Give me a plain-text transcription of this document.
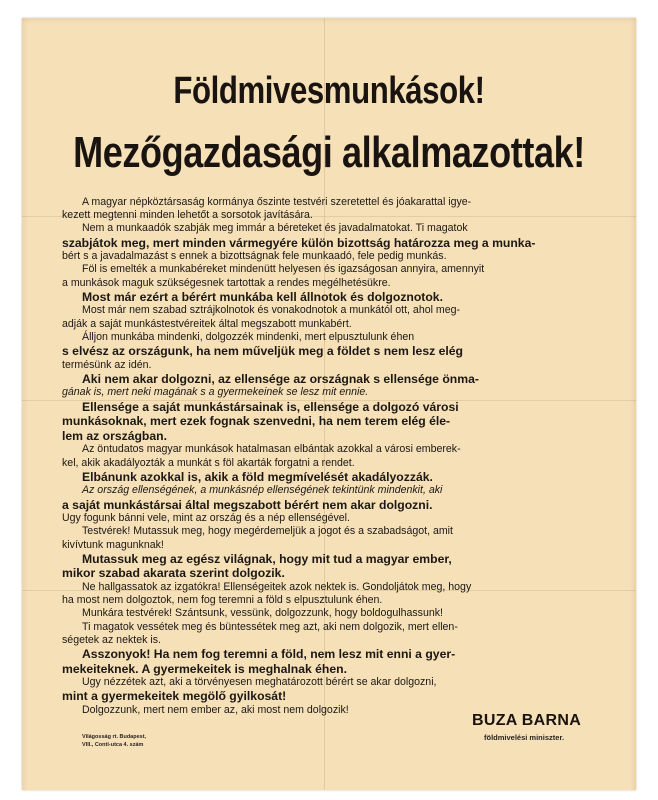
Földmivesmunkások!
Mezőgazdasági alkalmazottak!
A magyar népköztársaság kormánya őszinte testvéri szeretettel és jóakarattal igye-
kezett megtenni minden lehetőt a sorsotok javítására.
Nem a munkaadók szabják meg immár a béreteket és javadalmatokat. Ti magatok
szabjátok meg, mert minden vármegyére külön bizottság határozza meg a munka-
bért s a javadalmazást s ennek a bizottságnak fele munkaadó, fele pedig munkás.
Föl is emelték a munkabéreket mindenütt helyesen és igazságosan annyira, amennyit
a munkások maguk szükségesnek tartottak a rendes megélhetésükre.
Most már ezért a bérért munkába kell állnotok és dolgoznotok.
Most már nem szabad sztrájkolnotok és vonakodnotok a munkától ott, ahol meg-
adják a saját munkástestvéreitek által megszabott munkabért.
Álljon munkába mindenki, dolgozzék mindenki, mert elpusztulunk éhen
s elvész az országunk, ha nem műveljük meg a földet s nem lesz elég
termésünk az idén.
Aki nem akar dolgozni, az ellensége az országnak s ellensége önma-
gának is, mert neki magának s a gyermekeinek se lesz mit ennie.
Ellensége a saját munkástársainak is, ellensége a dolgozó városi
munkásoknak, mert ezek fognak szenvedni, ha nem terem elég éle-
lem az országban.
Az öntudatos magyar munkások hatalmasan elbántak azokkal a városi emberek-
kel, akik akadályozták a munkát s föl akarták forgatni a rendet.
Elbánunk azokkal is, akik a föld megmívelését akadályozzák.
Az ország ellenségének, a munkásnép ellenségének tekintünk mindenkit, aki
a saját munkástársai által megszabott bérért nem akar dolgozni.
Ugy fogunk bánni vele, mint az ország és a nép ellenségével.
Testvérek! Mutassuk meg, hogy megérdemeljük a jogot és a szabadságot, amit
kivívtunk magunknak!
Mutassuk meg az egész világnak, hogy mit tud a magyar ember,
mikor szabad akarata szerint dolgozik.
Ne hallgassatok az izgatókra! Ellenségeitek azok nektek is. Gondoljátok meg, hogy
ha most nem dolgoztok, nem fog teremni a föld s elpusztulunk éhen.
Munkára testvérek! Szántsunk, vessünk, dolgozzunk, hogy boldogulhassunk!
Ti magatok vessétek meg és büntessétek meg azt, aki nem dolgozik, mert ellen-
ségetek az nektek is.
Asszonyok! Ha nem fog teremni a föld, nem lesz mit enni a gyer-
mekeiteknek. A gyermekeitek is meghalnak éhen.
Ugy nézzétek azt, aki a törvényesen meghatározott bérért se akar dolgozni,
mint a gyermekeitek megölő gyilkosát!
Dolgozzunk, mert nem ember az, aki most nem dolgozik!
Világosság rt. Budapest,
VIII., Conti-utca 4. szám
BUZA BARNA
földmivelési miniszter.
